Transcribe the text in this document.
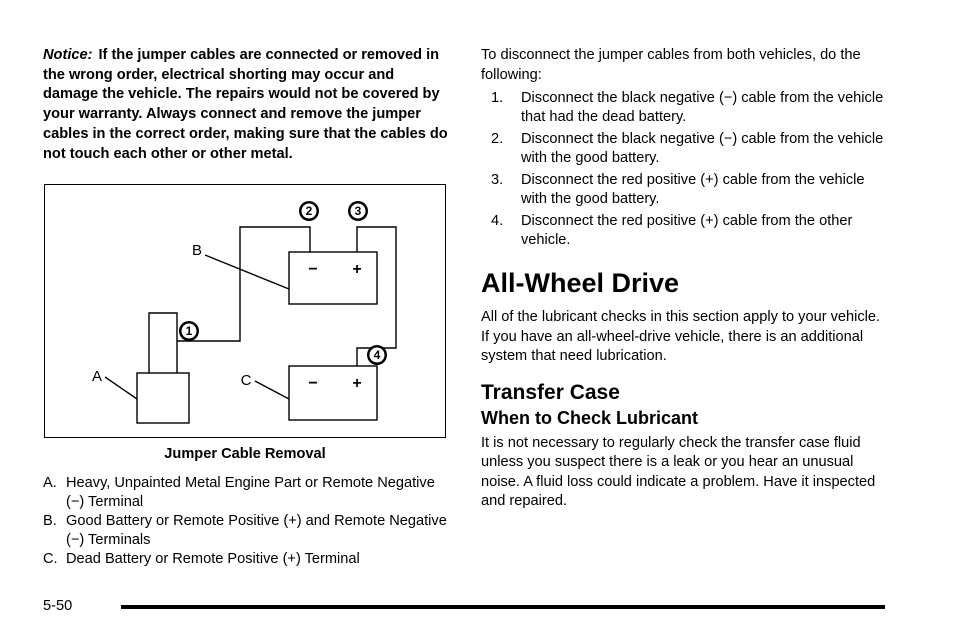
Notice: If the jumper cables are connected or removed in the wrong order, electrical shorting may occur and damage the vehicle. The repairs would not be covered by your warranty. Always connect and remove the jumper cables in the correct order, making sure that the cables do not touch each other or other metal.

2	3
1
4
B
A	C
− +
− +
Jumper Cable Removal
A. Heavy, Unpainted Metal Engine Part or Remote Negative (−) Terminal
B. Good Battery or Remote Positive (+) and Remote Negative (−) Terminals
C. Dead Battery or Remote Positive (+) Terminal

To disconnect the jumper cables from both vehicles, do the following:

1. Disconnect the black negative (−) cable from the vehicle that had the dead battery.
2. Disconnect the black negative (−) cable from the vehicle with the good battery.
3. Disconnect the red positive (+) cable from the vehicle with the good battery.
4. Disconnect the red positive (+) cable from the other vehicle.
All-Wheel Drive

All of the lubricant checks in this section apply to your vehicle. If you have an all-wheel-drive vehicle, there is an additional system that need lubrication.

Transfer Case
When to Check Lubricant

It is not necessary to regularly check the transfer case fluid unless you suspect there is a leak or you hear an unusual noise. A fluid loss could indicate a problem. Have it inspected and repaired.

5-50
